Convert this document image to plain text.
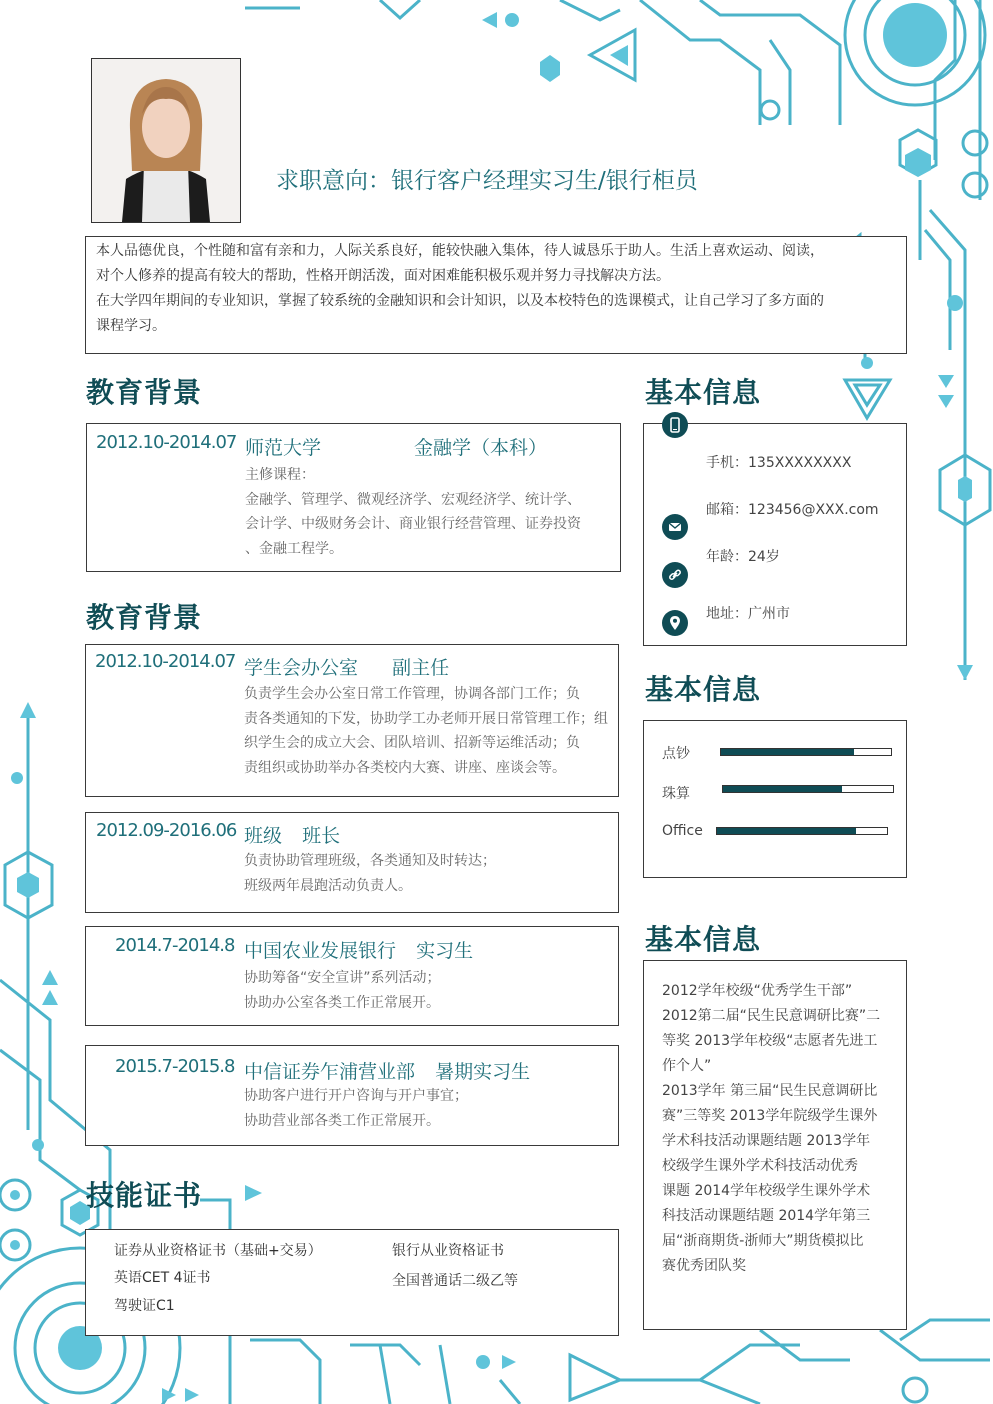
求职意向：银行客户经理实习生/银行柜员

本人品德优良，个性随和富有亲和力，人际关系良好，能较快融入集体，待人诚恳乐于助人。生活上喜欢运动、阅读，

对个人修养的提高有较大的帮助，性格开朗活泼，面对困难能积极乐观并努力寻找解决方法。

在大学四年期间的专业知识，掌握了较系统的金融知识和会计知识，以及本校特色的选课模式，让自己学习了多方面的

课程学习。

教育背景
2012.10-2014.07 师范大学	金融学（本科）
主修课程：
金融学、管理学、微观经济学、宏观经济学、统计学、
会计学、中级财务会计、商业银行经营管理、证券投资
、金融工程学。
教育背景
2012.10-2014.07 学生会办公室 副主任
负责学生会办公室日常工作管理，协调各部门工作；负
责各类通知的下发，协助学工办老师开展日常管理工作；组
织学生会的成立大会、团队培训、招新等运维活动；负
责组织或协助举办各类校内大赛、讲座、座谈会等。
2012.09-2016.06 班级 班长
负责协助管理班级，各类通知及时转达；
班级两年晨跑活动负责人。
2014.7-2014.8 中国农业发展银行 实习生
协助筹备“安全宣讲”系列活动；
协助办公室各类工作正常展开。
2015.7-2015.8 中信证券乍浦营业部 暑期实习生
协助客户进行开户咨询与开户事宜；
协助营业部各类工作正常展开。
技能证书
证券从业资格证书（基础+交易）
英语CET 4证书
驾驶证C1
银行从业资格证书
全国普通话二级乙等
基本信息
手机：135XXXXXXXX
邮箱：123456@XXX.com
年龄：24岁
地址：广州市
基本信息
点钞
珠算
Office
基本信息
2012学年校级“优秀学生干部”
2012第二届“民生民意调研比赛”二
等奖 2013学年校级“志愿者先进工
作个人”
2013学年 第三届“民生民意调研比
赛”三等奖 2013学年院级学生课外
学术科技活动课题结题 2013学年
校级学生课外学术科技活动优秀
课题 2014学年校级学生课外学术
科技活动课题结题 2014学年第三
届“浙商期货-浙师大”期货模拟比
赛优秀团队奖
